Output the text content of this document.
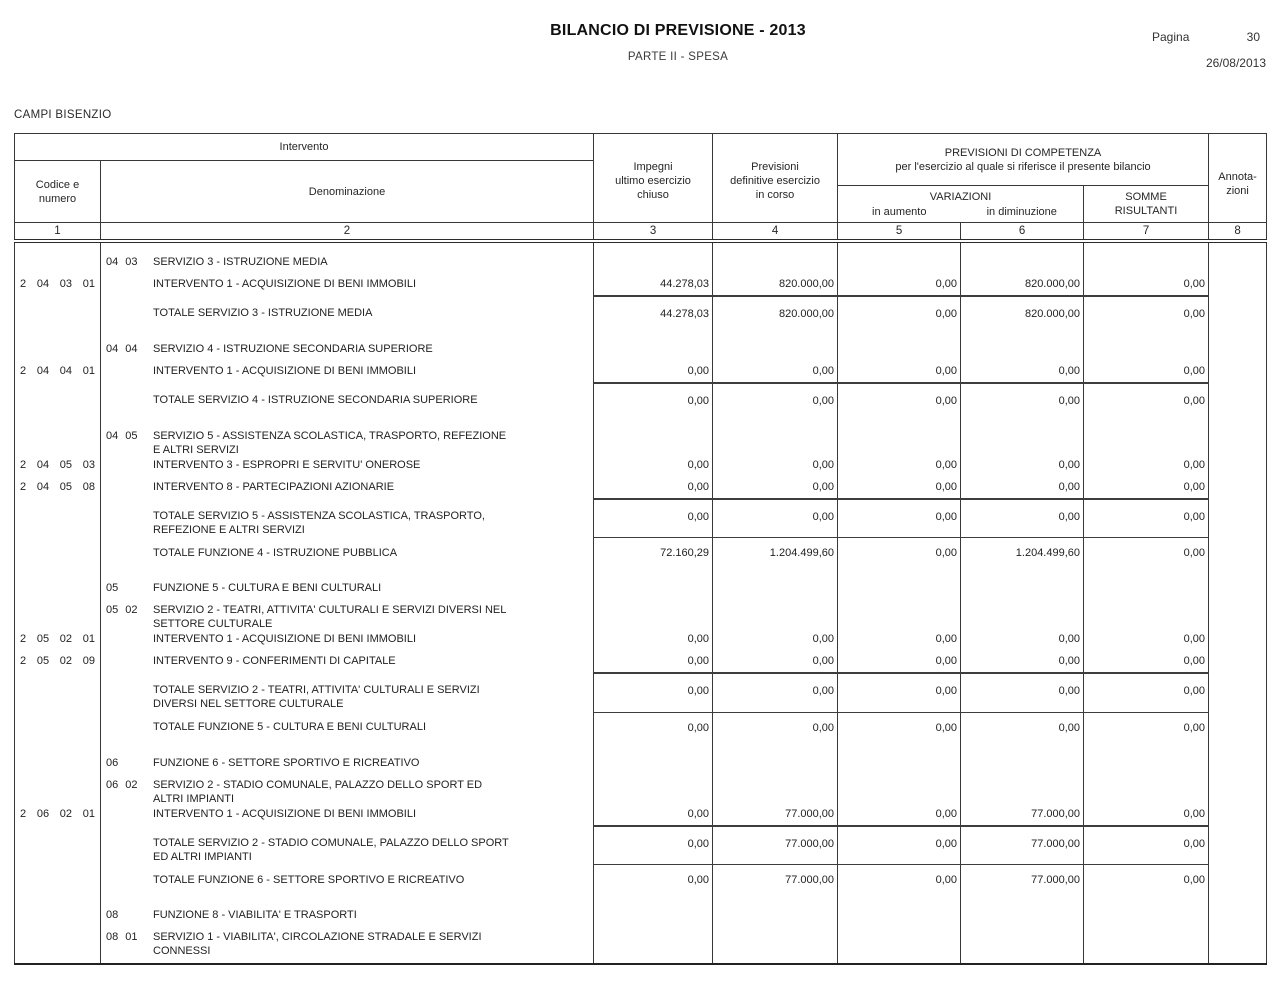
BILANCIO DI PREVISIONE - 2013
PARTE II - SPESA
Pagina	30
26/08/2013
CAMPI BISENZIO
Intervento	
Impegni
ultimo esercizio
chiuso

Previsioni
definitive esercizio
in corso

PREVISIONI DI COMPETENZA
per l'esercizio al quale si riferisce il presente bilancio

Annota-
zioni

Codice e
numero	Denominazione						

VARIAZIONI
in aumento	in diminuzione

SOMME
RISULTANTI

1	2	3	4	5	6	7	8

	04 03 SERVIZIO 3 - ISTRUZIONE MEDIA						

2 04 03 01	INTERVENTO 1 - ACQUISIZIONE DI BENI IMMOBILI	44.278,03	820.000,00	0,00	820.000,00	0,00	

	TOTALE SERVIZIO 3 - ISTRUZIONE MEDIA	44.278,03	820.000,00	0,00	820.000,00	0,00	

	04 04 SERVIZIO 4 - ISTRUZIONE SECONDARIA SUPERIORE						

2 04 04 01	INTERVENTO 1 - ACQUISIZIONE DI BENI IMMOBILI	0,00	0,00	0,00	0,00	0,00	

	TOTALE SERVIZIO 4 - ISTRUZIONE SECONDARIA SUPERIORE	0,00	0,00	0,00	0,00	0,00	

	04 05 SERVIZIO 5 - ASSISTENZA SCOLASTICA, TRASPORTO, REFEZIONE
E ALTRI SERVIZI						

2 04 05 03	INTERVENTO 3 - ESPROPRI E SERVITU' ONEROSE	0,00	0,00	0,00	0,00	0,00	

2 04 05 08	INTERVENTO 8 - PARTECIPAZIONI AZIONARIE	0,00	0,00	0,00	0,00	0,00	

	TOTALE SERVIZIO 5 - ASSISTENZA SCOLASTICA, TRASPORTO,
REFEZIONE E ALTRI SERVIZI	0,00	0,00	0,00	0,00	0,00	

	TOTALE FUNZIONE 4 - ISTRUZIONE PUBBLICA	72.160,29	1.204.499,60	0,00	1.204.499,60	0,00	

	05 FUNZIONE 5 - CULTURA E BENI CULTURALI						

	05 02 SERVIZIO 2 - TEATRI, ATTIVITA' CULTURALI E SERVIZI DIVERSI NEL
SETTORE CULTURALE						

2 05 02 01	INTERVENTO 1 - ACQUISIZIONE DI BENI IMMOBILI	0,00	0,00	0,00	0,00	0,00	

2 05 02 09	INTERVENTO 9 - CONFERIMENTI DI CAPITALE	0,00	0,00	0,00	0,00	0,00	

	TOTALE SERVIZIO 2 - TEATRI, ATTIVITA' CULTURALI E SERVIZI
DIVERSI NEL SETTORE CULTURALE	0,00	0,00	0,00	0,00	0,00	

	TOTALE FUNZIONE 5 - CULTURA E BENI CULTURALI	0,00	0,00	0,00	0,00	0,00	

	06 FUNZIONE 6 - SETTORE SPORTIVO E RICREATIVO						

	06 02 SERVIZIO 2 - STADIO COMUNALE, PALAZZO DELLO SPORT ED
ALTRI IMPIANTI						

2 06 02 01	INTERVENTO 1 - ACQUISIZIONE DI BENI IMMOBILI	0,00	77.000,00	0,00	77.000,00	0,00	

	TOTALE SERVIZIO 2 - STADIO COMUNALE, PALAZZO DELLO SPORT
ED ALTRI IMPIANTI	0,00	77.000,00	0,00	77.000,00	0,00	

	TOTALE FUNZIONE 6 - SETTORE SPORTIVO E RICREATIVO	0,00	77.000,00	0,00	77.000,00	0,00	

	08 FUNZIONE 8 - VIABILITA' E TRASPORTI						

	08 01 SERVIZIO 1 - VIABILITA', CIRCOLAZIONE STRADALE E SERVIZI
CONNESSI						
